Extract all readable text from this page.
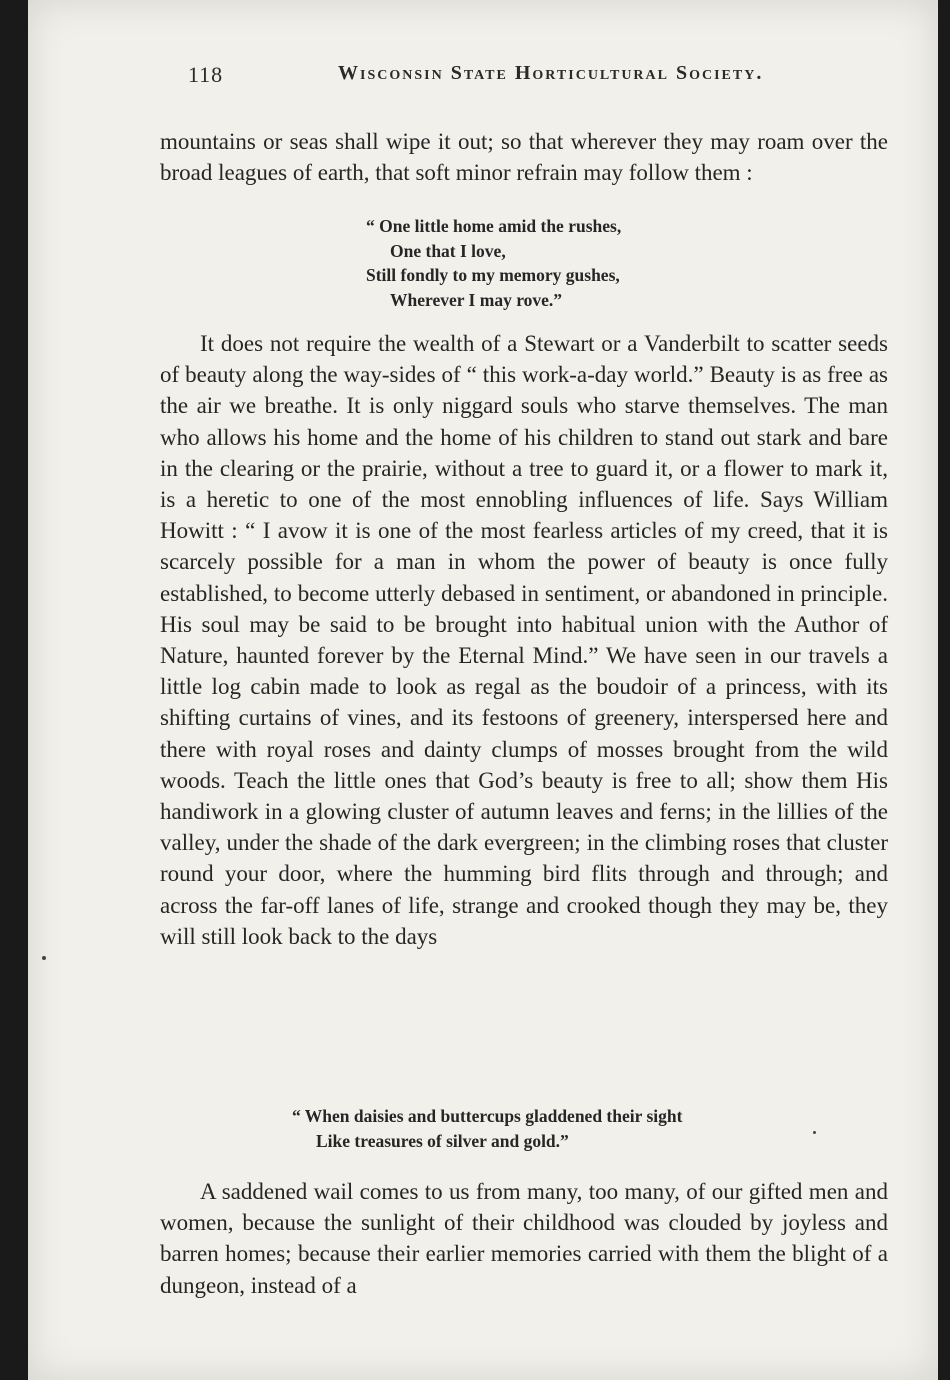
118	Wisconsin State Horticultural Society.

mountains or seas shall wipe it out; so that wherever they may roam over the broad leagues of earth, that soft minor refrain may follow them :

“ One little home amid the rushes,
One that I love,
Still fondly to my memory gushes,
Wherever I may rove.”

It does not require the wealth of a Stewart or a Vanderbilt to scatter seeds of beauty along the way-sides of “ this work-a-day world.” Beauty is as free as the air we breathe. It is only niggard souls who starve themselves. The man who allows his home and the home of his children to stand out stark and bare in the clearing or the prairie, without a tree to guard it, or a flower to mark it, is a heretic to one of the most ennobling influences of life. Says William Howitt : “ I avow it is one of the most fearless articles of my creed, that it is scarcely possible for a man in whom the power of beauty is once fully established, to become utterly debased in sentiment, or abandoned in principle. His soul may be said to be brought into habitual union with the Author of Nature, haunted forever by the Eternal Mind.” We have seen in our travels a little log cabin made to look as regal as the boudoir of a princess, with its shifting curtains of vines, and its festoons of greenery, interspersed here and there with royal roses and dainty clumps of mosses brought from the wild woods. Teach the little ones that God’s beauty is free to all; show them His handiwork in a glowing cluster of autumn leaves and ferns; in the lillies of the valley, under the shade of the dark evergreen; in the climbing roses that cluster round your door, where the humming bird flits through and through; and across the far-off lanes of life, strange and crooked though they may be, they will still look back to the days

“ When daisies and buttercups gladdened their sight
Like treasures of silver and gold.”

A saddened wail comes to us from many, too many, of our gifted men and women, because the sunlight of their childhood was clouded by joyless and barren homes; because their earlier memories carried with them the blight of a dungeon, instead of a
